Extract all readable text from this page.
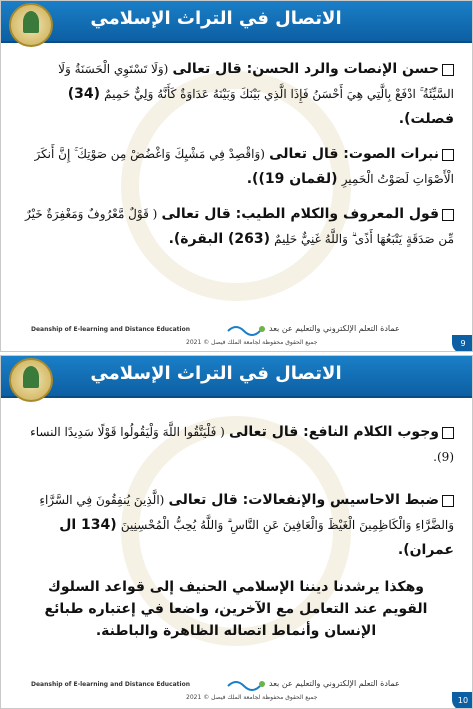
الاتصال في التراث الإسلامي

حسن الإنصات والرد الحسن: قال تعالى (وَلَا تَسْتَوِي الْحَسَنَةُ وَلَا السَّيِّئَةُ ۚ ادْفَعْ بِالَّتِي هِيَ أَحْسَنُ فَإِذَا الَّذِي بَيْنَكَ وَبَيْنَهُ عَدَاوَةٌ كَأَنَّهُ وَلِيٌّ حَمِيمٌ (34) فصلت).

نبرات الصوت: قال تعالى (وَاقْصِدْ فِي مَشْيِكَ وَاغْضُضْ مِن صَوْتِكَ ۚ إِنَّ أَنكَرَ الْأَصْوَاتِ لَصَوْتُ الْحَمِيرِ (لقمان 19)).

قول المعروف والكلام الطيب: قال تعالى ( قَوْلٌ مَّعْرُوفٌ وَمَغْفِرَةٌ خَيْرٌ مِّن صَدَقَةٍ يَتْبَعُهَا أَذًى ۗ وَاللَّهُ غَنِيٌّ حَلِيمٌ (263) البقرة).

عمادة التعلم الإلكتروني والتعليم عن بعد
Deanship of E-learning and Distance Education
جميع الحقوق محفوظة لجامعة الملك فيصل © 2021	9
الاتصال في التراث الإسلامي

وجوب الكلام النافع: قال تعالى ( فَلْيَتَّقُوا اللَّهَ وَلْيَقُولُوا قَوْلًا سَدِيدًا النساء (9).

ضبط الاحاسيس والإنفعالات: قال تعالى (الَّذِينَ يُنفِقُونَ فِي السَّرَّاءِ وَالضَّرَّاءِ وَالْكَاظِمِينَ الْغَيْظَ وَالْعَافِينَ عَنِ النَّاسِ ۗ وَاللَّهُ يُحِبُّ الْمُحْسِنِينَ (134 ال عمران).

وهكذا يرشدنا ديننا الإسلامي الحنيف إلى قواعد السلوك القويم عند التعامل مع الآخرين، واضعا في إعتباره طبائع الإنسان وأنماط اتصاله الظاهرة والباطنة.
عمادة التعلم الإلكتروني والتعليم عن بعد
Deanship of E-learning and Distance Education
جميع الحقوق محفوظة لجامعة الملك فيصل © 2021	10
